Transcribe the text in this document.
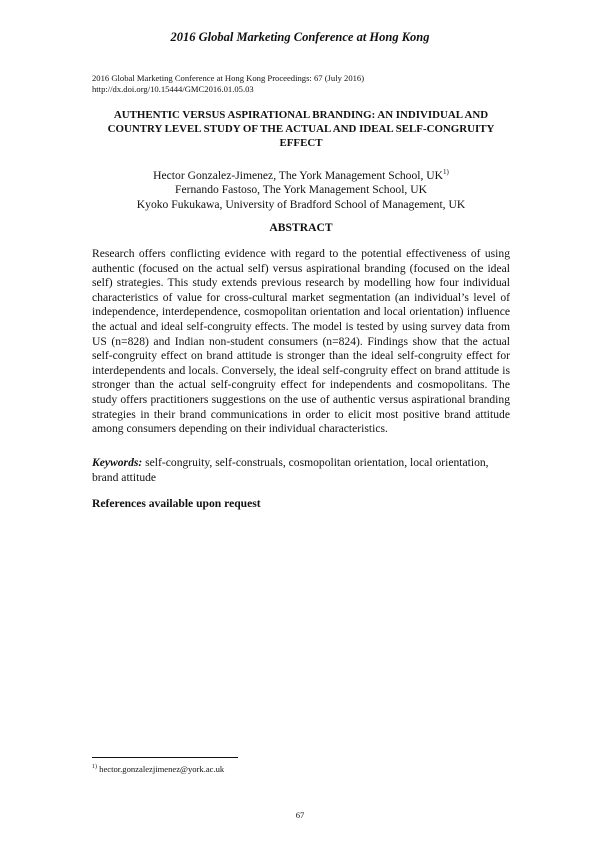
2016 Global Marketing Conference at Hong Kong
2016 Global Marketing Conference at Hong Kong Proceedings: 67 (July 2016)
http://dx.doi.org/10.15444/GMC2016.01.05.03
AUTHENTIC VERSUS ASPIRATIONAL BRANDING: AN INDIVIDUAL AND COUNTRY LEVEL STUDY OF THE ACTUAL AND IDEAL SELF-CONGRUITY EFFECT
Hector Gonzalez-Jimenez, The York Management School, UK$^{1)}$
Fernando Fastoso, The York Management School, UK
Kyoko Fukukawa, University of Bradford School of Management, UK
ABSTRACT
Research offers conflicting evidence with regard to the potential effectiveness of using authentic (focused on the actual self) versus aspirational branding (focused on the ideal self) strategies. This study extends previous research by modelling how four individual characteristics of value for cross-cultural market segmentation (an individual’s level of independence, interdependence, cosmopolitan orientation and local orientation) influence the actual and ideal self-congruity effects. The model is tested by using survey data from US (n=828) and Indian non-student consumers (n=824). Findings show that the actual self-congruity effect on brand attitude is stronger than the ideal self-congruity effect for interdependents and locals. Conversely, the ideal self-congruity effect on brand attitude is stronger than the actual self-congruity effect for independents and cosmopolitans. The study offers practitioners suggestions on the use of authentic versus aspirational branding strategies in their brand communications in order to elicit most positive brand attitude among consumers depending on their individual characteristics.
Keywords: self-congruity, self-construals, cosmopolitan orientation, local orientation, brand attitude
References available upon request
$^{1)}$ hector.gonzalezjimenez@york.ac.uk
67
